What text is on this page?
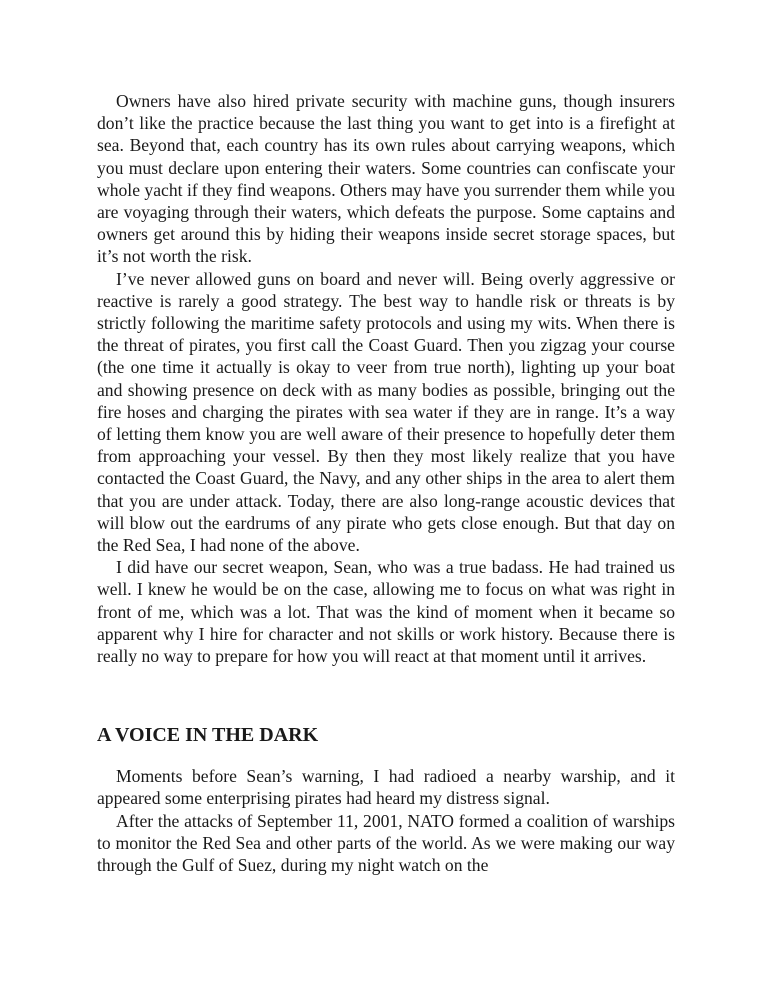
Owners have also hired private security with machine guns, though insurers don’t like the practice because the last thing you want to get into is a firefight at sea. Beyond that, each country has its own rules about carrying weapons, which you must declare upon entering their waters. Some countries can confiscate your whole yacht if they find weapons. Others may have you surrender them while you are voyaging through their waters, which defeats the purpose. Some captains and owners get around this by hiding their weapons inside secret storage spaces, but it’s not worth the risk.

I’ve never allowed guns on board and never will. Being overly aggressive or reactive is rarely a good strategy. The best way to handle risk or threats is by strictly following the maritime safety protocols and using my wits. When there is the threat of pirates, you first call the Coast Guard. Then you zigzag your course (the one time it actually is okay to veer from true north), lighting up your boat and showing presence on deck with as many bodies as possible, bringing out the fire hoses and charging the pirates with sea water if they are in range. It’s a way of letting them know you are well aware of their presence to hopefully deter them from approaching your vessel. By then they most likely realize that you have contacted the Coast Guard, the Navy, and any other ships in the area to alert them that you are under attack. Today, there are also long-range acoustic devices that will blow out the eardrums of any pirate who gets close enough. But that day on the Red Sea, I had none of the above.

I did have our secret weapon, Sean, who was a true badass. He had trained us well. I knew he would be on the case, allowing me to focus on what was right in front of me, which was a lot. That was the kind of moment when it became so apparent why I hire for character and not skills or work history. Because there is really no way to prepare for how you will react at that moment until it arrives.

A VOICE IN THE DARK

Moments before Sean’s warning, I had radioed a nearby warship, and it appeared some enterprising pirates had heard my distress signal.

After the attacks of September 11, 2001, NATO formed a coalition of warships to monitor the Red Sea and other parts of the world. As we were making our way through the Gulf of Suez, during my night watch on the
